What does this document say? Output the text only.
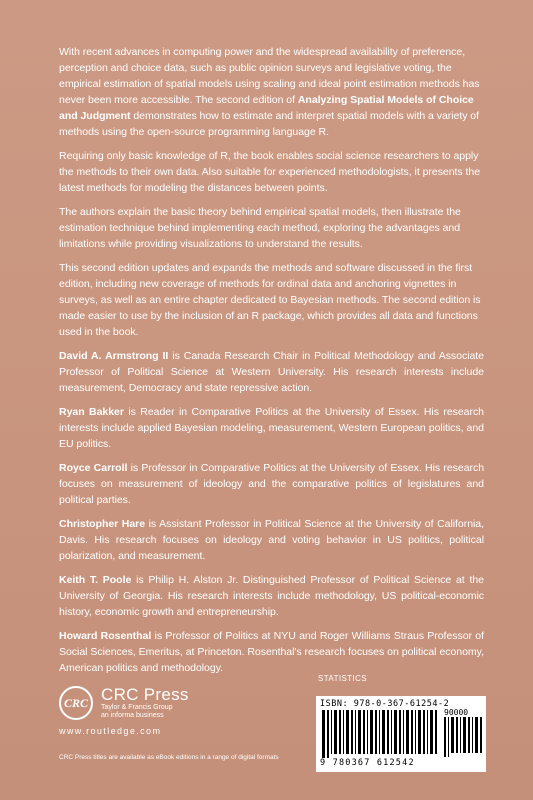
With recent advances in computing power and the widespread availability of preference, perception and choice data, such as public opinion surveys and legislative voting, the empirical estimation of spatial models using scaling and ideal point estimation methods has never been more accessible. The second edition of Analyzing Spatial Models of Choice and Judgment demonstrates how to estimate and interpret spatial models with a variety of methods using the open-source programming language R.

Requiring only basic knowledge of R, the book enables social science researchers to apply the methods to their own data. Also suitable for experienced methodologists, it presents the latest methods for modeling the distances between points.

The authors explain the basic theory behind empirical spatial models, then illustrate the estimation technique behind implementing each method, exploring the advantages and limitations while providing visualizations to understand the results.

This second edition updates and expands the methods and software discussed in the first edition, including new coverage of methods for ordinal data and anchoring vignettes in surveys, as well as an entire chapter dedicated to Bayesian methods. The second edition is made easier to use by the inclusion of an R package, which provides all data and functions used in the book.

David A. Armstrong II is Canada Research Chair in Political Methodology and Associate Professor of Political Science at Western University. His research interests include measurement, Democracy and state repressive action.

Ryan Bakker is Reader in Comparative Politics at the University of Essex. His research interests include applied Bayesian modeling, measurement, Western European politics, and EU politics.

Royce Carroll is Professor in Comparative Politics at the University of Essex. His research focuses on measurement of ideology and the comparative politics of legislatures and political parties.

Christopher Hare is Assistant Professor in Political Science at the University of California, Davis. His research focuses on ideology and voting behavior in US politics, political polarization, and measurement.

Keith T. Poole is Philip H. Alston Jr. Distinguished Professor of Political Science at the University of Georgia. His research interests include methodology, US political-economic history, economic growth and entrepreneurship.

Howard Rosenthal is Professor of Politics at NYU and Roger Williams Straus Professor of Social Sciences, Emeritus, at Princeton. Rosenthal's research focuses on political economy, American politics and methodology.

CRC CRC Press
Taylor & Francis Group
an informa business
www.routledge.com
CRC Press titles are available as eBook editions in a range of digital formats
STATISTICS
ISBN: 978-0-367-61254-2
90000
9 780367 612542
